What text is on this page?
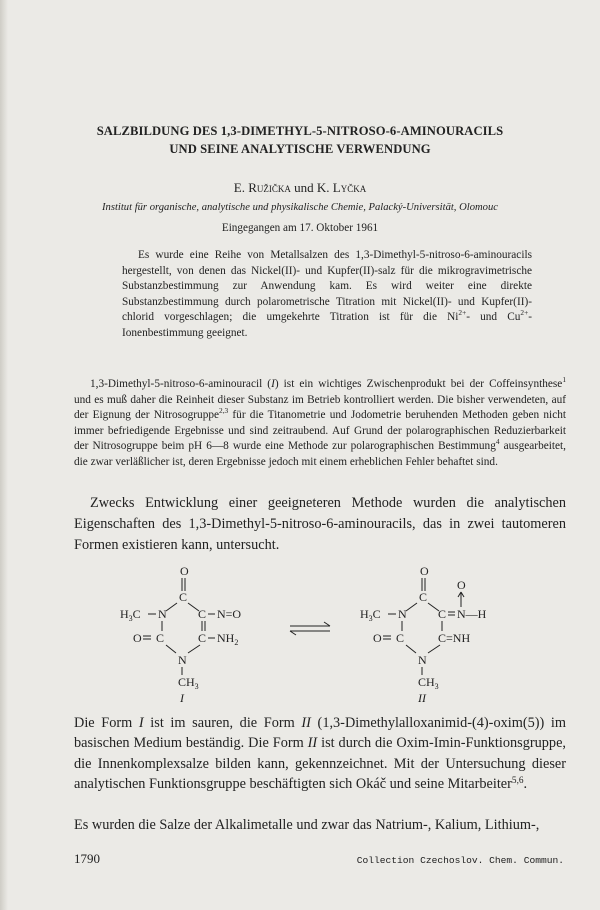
SALZBILDUNG DES 1,3-DIMETHYL-5-NITROSO-6-AMINOURACILS
UND SEINE ANALYTISCHE VERWENDUNG
E. Ružička und K. Lyčka
Institut für organische, analytische und physikalische Chemie, Palacký-Universität, Olomouc
Eingegangen am 17. Oktober 1961
Es wurde eine Reihe von Metallsalzen des 1,3-Dimethyl-5-nitroso-6-aminouracils hergestellt, von denen das Nickel(II)- und Kupfer(II)-salz für die mikrogravimetrische Substanzbestimmung zur Anwendung kam. Es wird weiter eine direkte Substanzbestimmung durch polarometrische Titration mit Nickel(II)- und Kupfer(II)-chlorid vorgeschlagen; die umgekehrte Titration ist für die $Ni^{2+}-$ und $Cu^{2+}$-Ionenbestimmung geeignet.
1,3-Dimethyl-5-nitroso-6-aminouracil (I) ist ein wichtiges Zwischenprodukt bei der Coffeinsynthese$^1$ und es muß daher die Reinheit dieser Substanz im Betrieb kontrolliert werden. Die bisher verwendeten, auf der Eignung der Nitrosogruppe$^{2,3}$ für die Titanometrie und Jodometrie beruhenden Methoden geben nicht immer befriedigende Ergebnisse und sind zeitraubend. Auf Grund der polarographischen Reduzierbarkeit der Nitrosogruppe beim pH 6—8 wurde eine Methode zur polarographischen Bestimmung$^4$ ausgearbeitet, die zwar verläßlicher ist, deren Ergebnisse jedoch mit einem erheblichen Fehler behaftet sind.
Zwecks Entwicklung einer geeigneteren Methode wurden die analytischen Eigenschaften des 1,3-Dimethyl-5-nitroso-6-aminouracils, das in zwei tautomeren Formen existieren kann, untersucht.
O
C
$H_3C$ N	C N=O
O C	C $NH_2$
N
$CH_3$
I
O
C
$H_3C$ N	C N—H
O
O C	C=NH
N
$CH_3$
II
Die Form I ist im sauren, die Form II (1,3-Dimethylalloxanimid-(4)-oxim(5)) im basischen Medium beständig. Die Form II ist durch die Oxim-Imin-Funktionsgruppe, die Innenkomplexsalze bilden kann, gekennzeichnet. Mit der Untersuchung dieser analytischen Funktionsgruppe beschäftigten sich Okáč und seine Mitarbeiter$^{5,6}$.
Es wurden die Salze der Alkalimetalle und zwar das Natrium-, Kalium, Lithium-,
1790	Collection Czechoslov. Chem. Commun.
